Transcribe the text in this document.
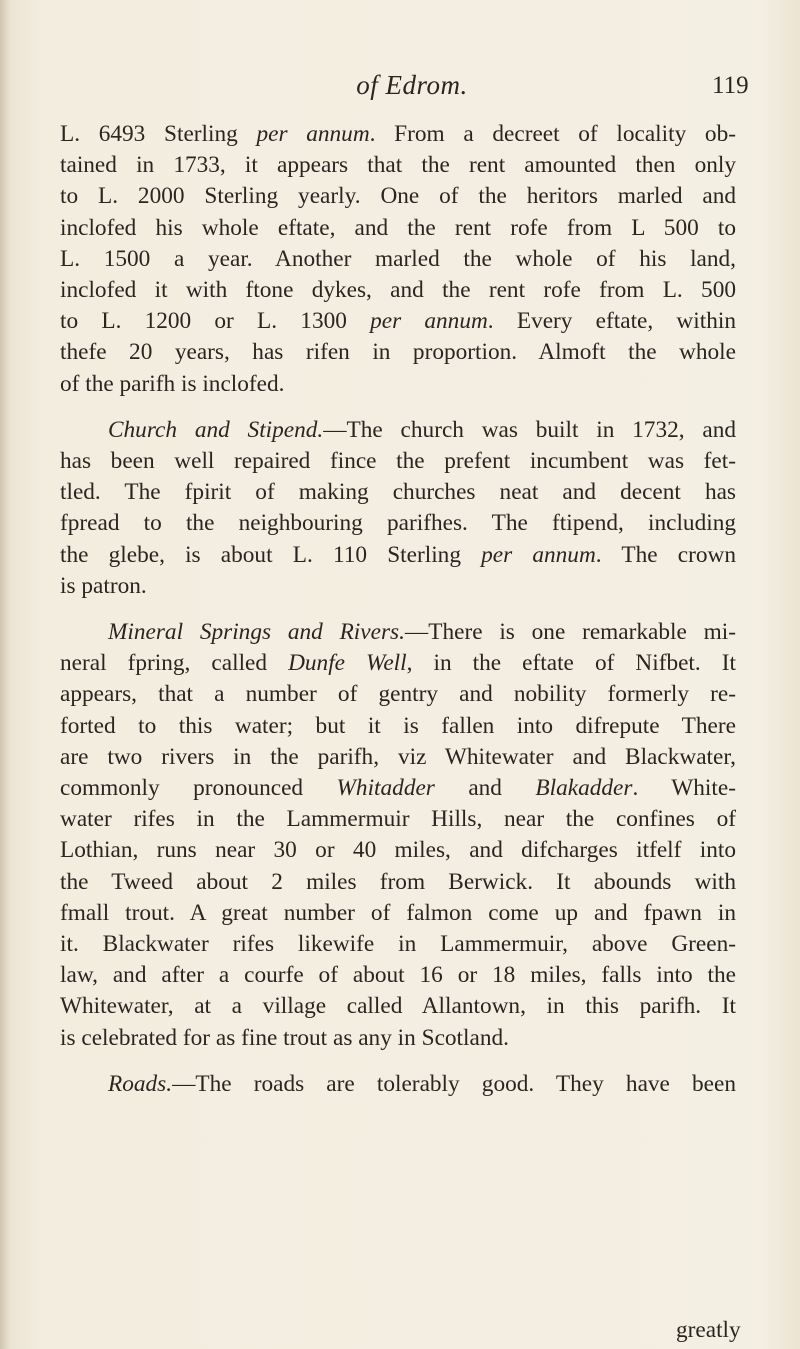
of Edrom.	119
L. 6493 Sterling per annum. From a decreet of locality ob-
tained in 1733, it appears that the rent amounted then only
to L. 2000 Sterling yearly. One of the heritors marled and
inclofed his whole eftate, and the rent rofe from L 500 to
L. 1500 a year. Another marled the whole of his land,
inclofed it with ftone dykes, and the rent rofe from L. 500
to L. 1200 or L. 1300 per annum. Every eftate, within
thefe 20 years, has rifen in proportion. Almoft the whole
of the parifh is inclofed.
Church and Stipend.—The church was built in 1732, and
has been well repaired fince the prefent incumbent was fet-
tled. The fpirit of making churches neat and decent has
fpread to the neighbouring parifhes. The ftipend, including
the glebe, is about L. 110 Sterling per annum. The crown
is patron.
Mineral Springs and Rivers.—There is one remarkable mi-
neral fpring, called Dunfe Well, in the eftate of Nifbet. It
appears, that a number of gentry and nobility formerly re-
forted to this water; but it is fallen into difrepute There
are two rivers in the parifh, viz Whitewater and Blackwater,
commonly pronounced Whitadder and Blakadder. White-
water rifes in the Lammermuir Hills, near the confines of
Lothian, runs near 30 or 40 miles, and difcharges itfelf into
the Tweed about 2 miles from Berwick. It abounds with
fmall trout. A great number of falmon come up and fpawn in
it. Blackwater rifes likewife in Lammermuir, above Green-
law, and after a courfe of about 16 or 18 miles, falls into the
Whitewater, at a village called Allantown, in this parifh. It
is celebrated for as fine trout as any in Scotland.
Roads.—The roads are tolerably good. They have been
greatly
